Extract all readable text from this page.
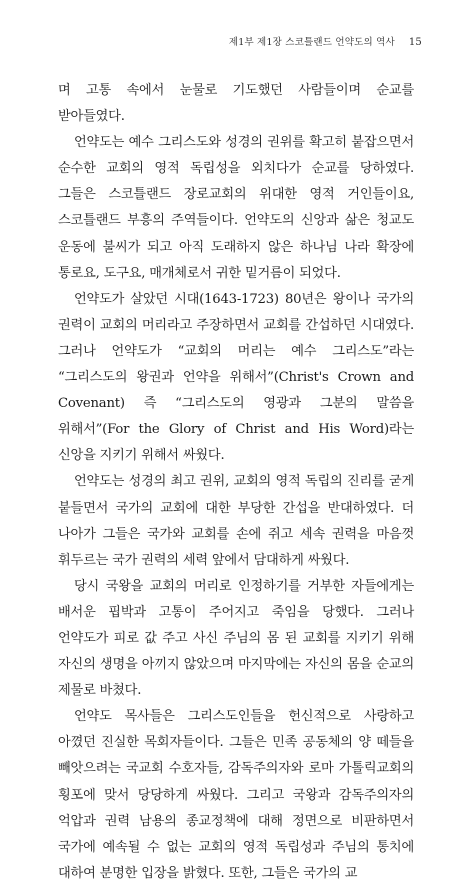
제1부 제1장 스코틀랜드 언약도의 역사 15

며 고통 속에서 눈물로 기도했던 사람들이며 순교를 받아들였다.

언약도는 예수 그리스도와 성경의 권위를 확고히 붙잡으면서 순수한 교회의 영적 독립성을 외치다가 순교를 당하였다. 그들은 스코틀랜드 장로교회의 위대한 영적 거인들이요, 스코틀랜드 부흥의 주역들이다. 언약도의 신앙과 삶은 청교도 운동에 불씨가 되고 아직 도래하지 않은 하나님 나라 확장에 통로요, 도구요, 매개체로서 귀한 밑거름이 되었다.

언약도가 살았던 시대(1643-1723) 80년은 왕이나 국가의 권력이 교회의 머리라고 주장하면서 교회를 간섭하던 시대였다. 그러나 언약도가 “교회의 머리는 예수 그리스도”라는 “그리스도의 왕권과 언약을 위해서”(Christ's Crown and Covenant) 즉 “그리스도의 영광과 그분의 말씀을 위해서”(For the Glory of Christ and His Word)라는 신앙을 지키기 위해서 싸웠다.

언약도는 성경의 최고 권위, 교회의 영적 독립의 진리를 굳게 붙들면서 국가의 교회에 대한 부당한 간섭을 반대하였다. 더 나아가 그들은 국가와 교회를 손에 쥐고 세속 권력을 마음껏 휘두르는 국가 권력의 세력 앞에서 담대하게 싸웠다.

당시 국왕을 교회의 머리로 인정하기를 거부한 자들에게는 배서운 핍박과 고통이 주어지고 죽임을 당했다. 그러나 언약도가 피로 값 주고 사신 주님의 몸 된 교회를 지키기 위해 자신의 생명을 아끼지 않았으며 마지막에는 자신의 몸을 순교의 제물로 바쳤다.

언약도 목사들은 그리스도인들을 헌신적으로 사랑하고 아꼈던 진실한 목회자들이다. 그들은 민족 공동체의 양 떼들을 빼앗으려는 국교회 수호자들, 감독주의자와 로마 가톨릭교회의 횡포에 맞서 당당하게 싸웠다. 그리고 국왕과 감독주의자의 억압과 권력 남용의 종교정책에 대해 정면으로 비판하면서 국가에 예속될 수 없는 교회의 영적 독립성과 주님의 통치에 대하여 분명한 입장을 밝혔다. 또한, 그들은 국가의 교
